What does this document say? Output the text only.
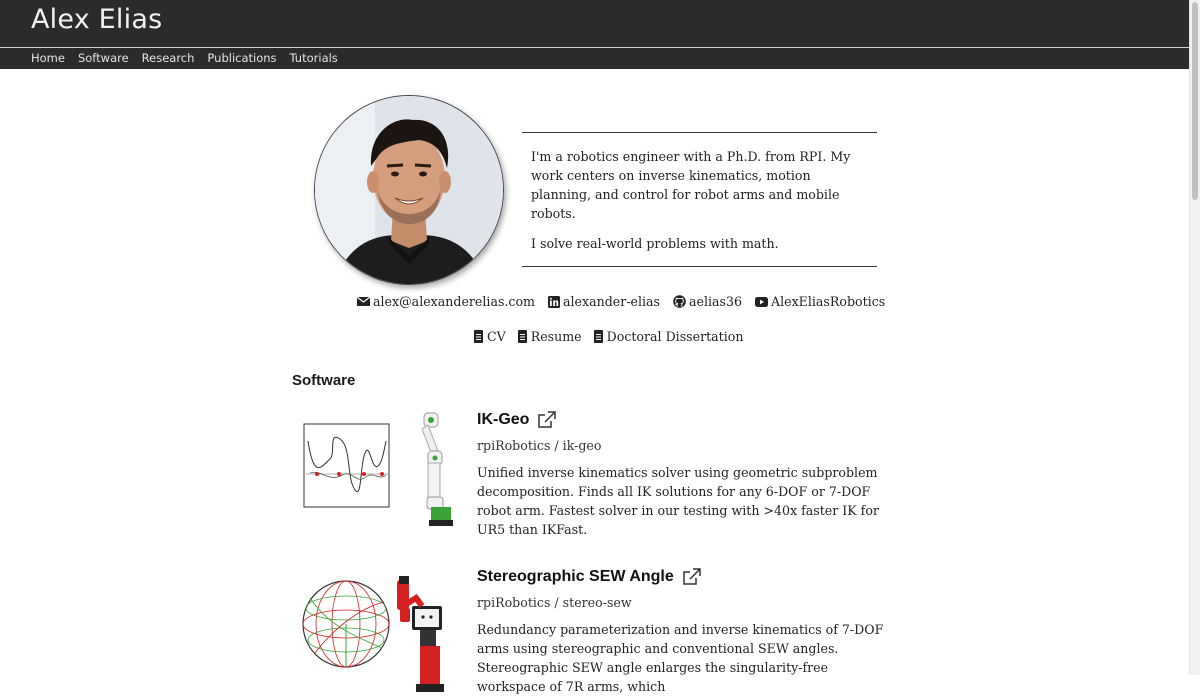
Alex Elias
Home Software Research Publications Tutorials

I'm a robotics engineer with a Ph.D. from RPI. My work centers on inverse kinematics, motion planning, and control for robot arms and mobile robots.

I solve real-world problems with math.

alex@alexanderelias.com alexander-elias aelias36 AlexEliasRobotics
CV Resume Doctoral Dissertation
Software
IK-Geo
rpiRobotics / ik-geo

Unified inverse kinematics solver using geometric subproblem decomposition. Finds all IK solutions for any 6-DOF or 7-DOF robot arm. Fastest solver in our testing with >40x faster IK for UR5 than IKFast.

Stereographic SEW Angle
rpiRobotics / stereo-sew

Redundancy parameterization and inverse kinematics of 7-DOF arms using stereographic and conventional SEW angles. Stereographic SEW angle enlarges the singularity-free workspace of 7R arms, which
